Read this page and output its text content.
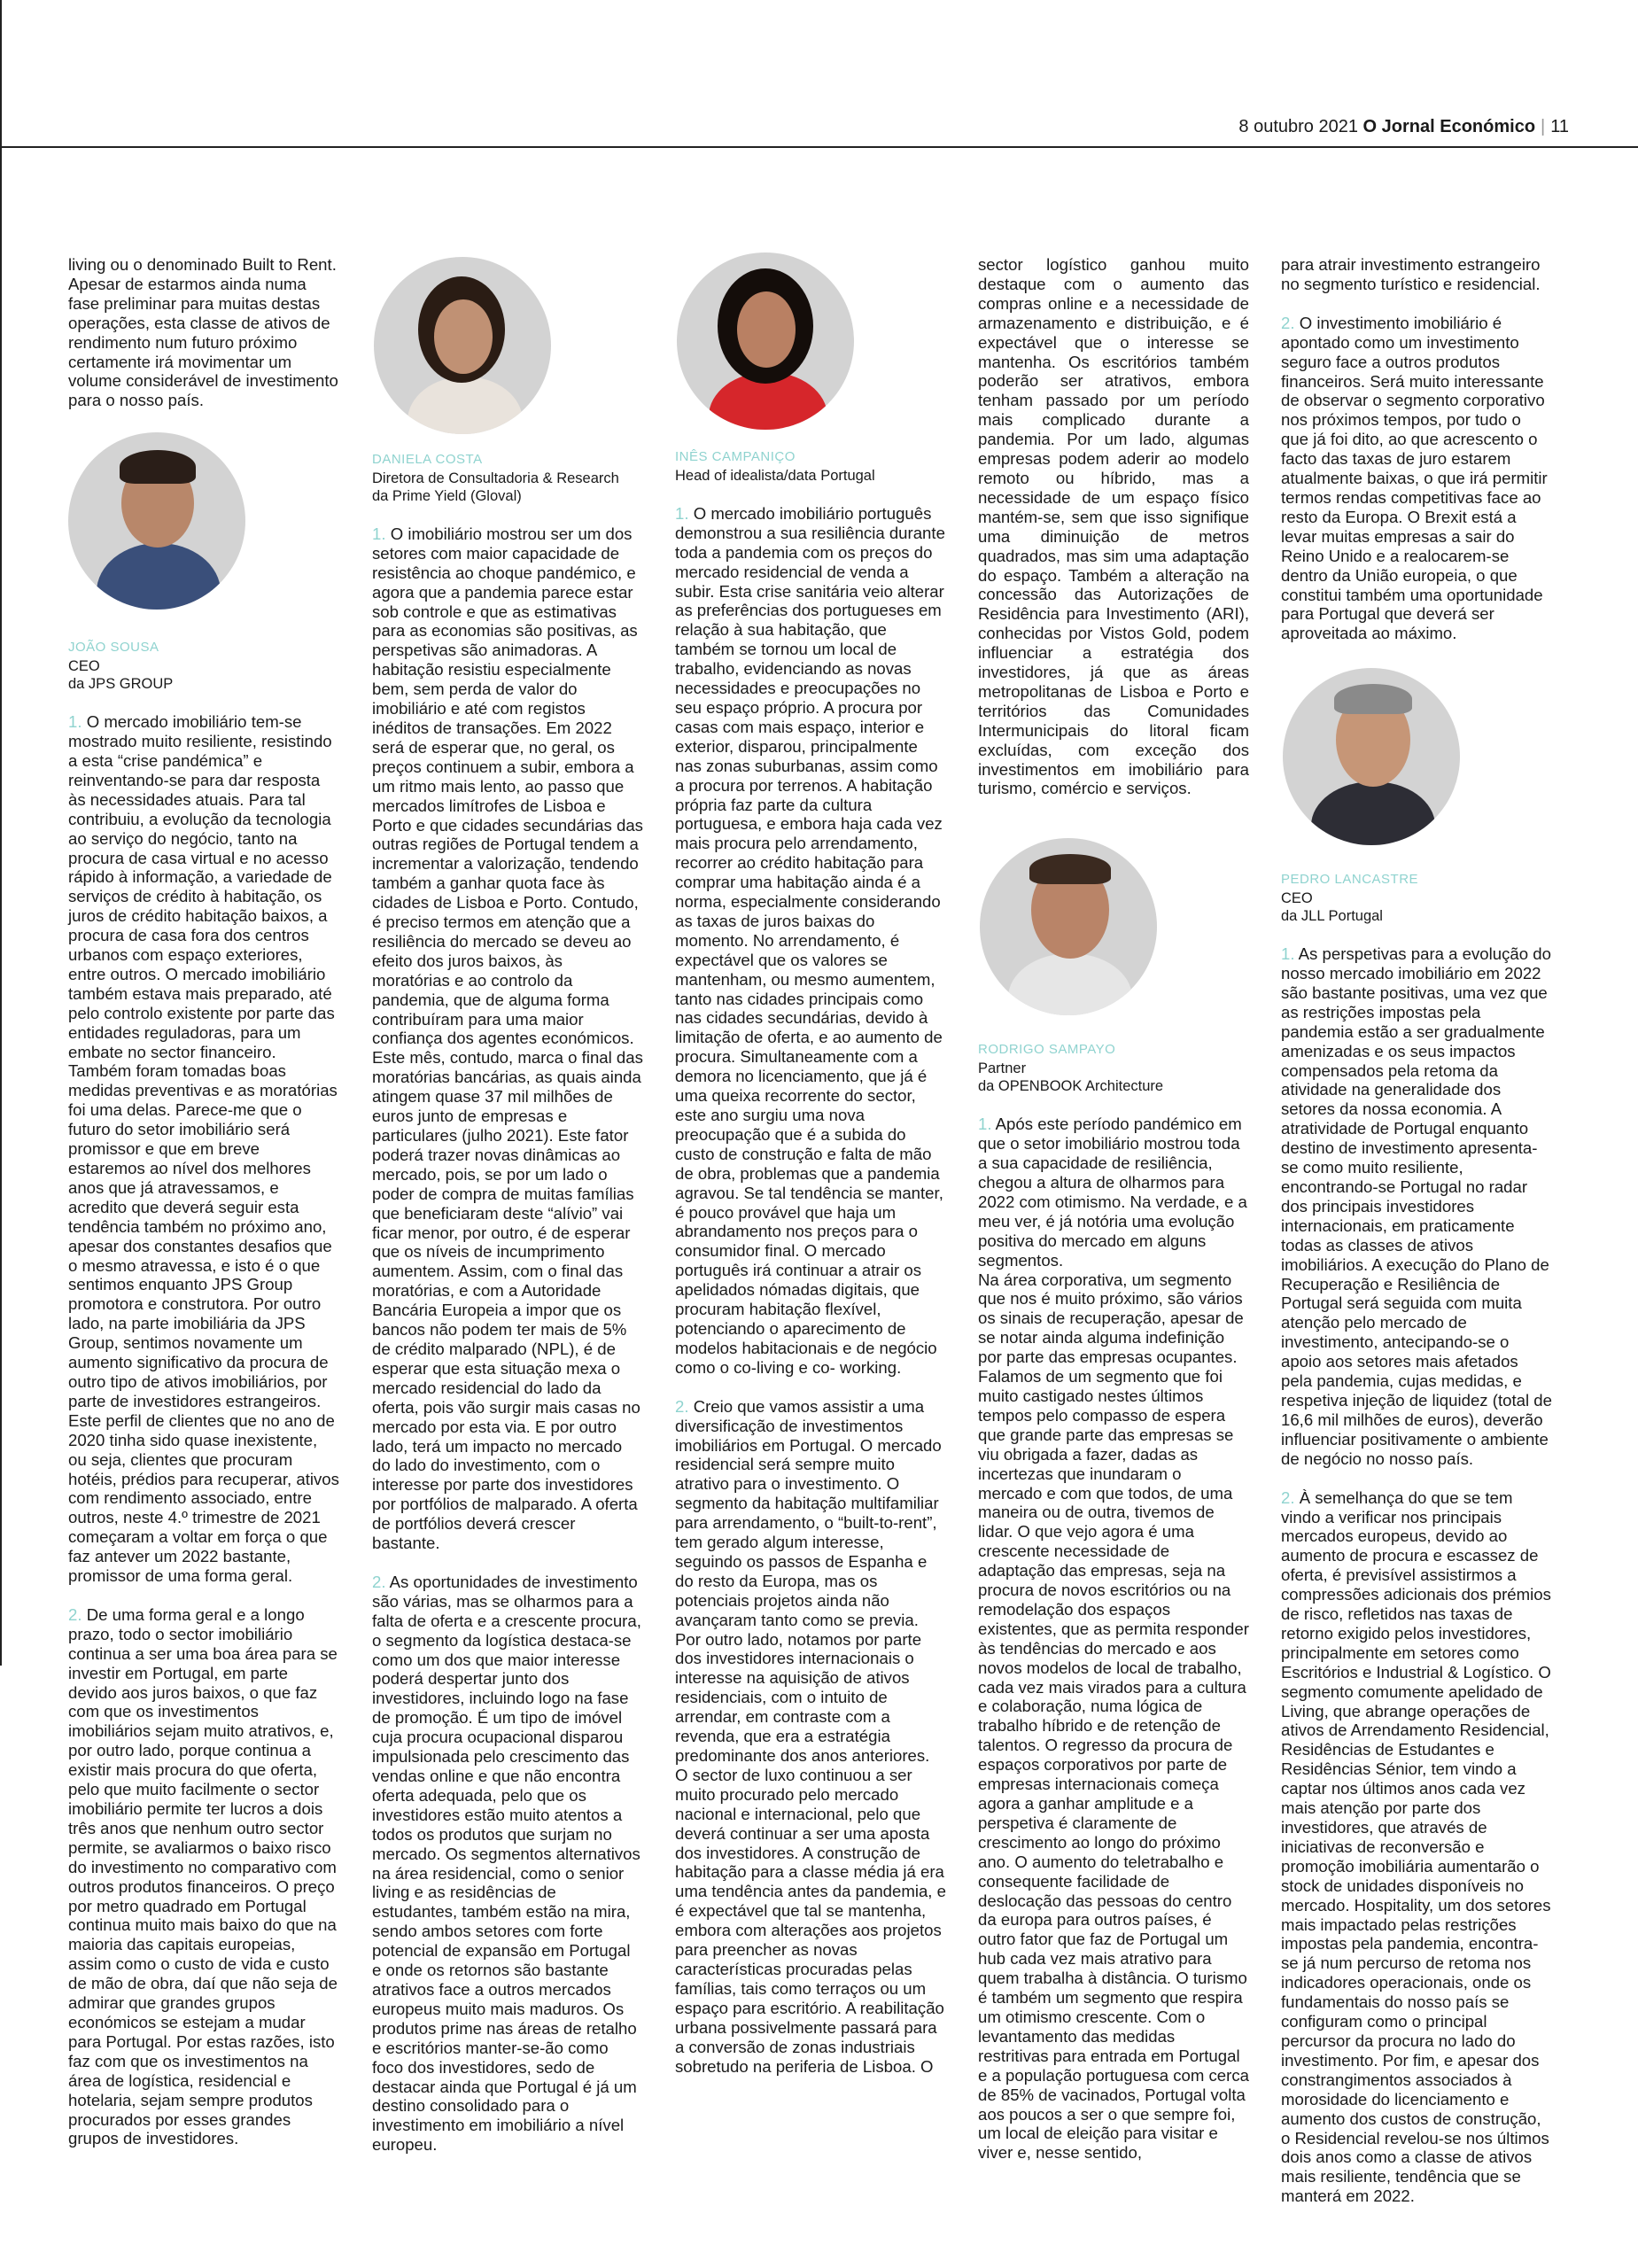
8 outubro 2021 O Jornal Económico | 11

living ou o denominado Built to Rent. Apesar de estarmos ainda numa fase preliminar para muitas destas operações, esta classe de ativos de rendimento num futuro próximo certamente irá movimentar um volume considerável de investimento para o nosso país.

JOÃO SOUSA

CEO

da JPS GROUP

1. O mercado imobiliário tem-se mostrado muito resiliente, resistindo a esta “crise pandémica” e reinventando-se para dar resposta às necessidades atuais. Para tal contribuiu, a evolução da tecnologia ao serviço do negócio, tanto na procura de casa virtual e no acesso rápido à informação, a variedade de serviços de crédito à habitação, os juros de crédito habitação baixos, a procura de casa fora dos centros urbanos com espaço exteriores, entre outros. O mercado imobiliário também estava mais preparado, até pelo controlo existente por parte das entidades reguladoras, para um embate no sector financeiro. Também foram tomadas boas medidas preventivas e as moratórias foi uma delas. Parece-me que o futuro do setor imobiliário será promissor e que em breve estaremos ao nível dos melhores anos que já atravessamos, e acredito que deverá seguir esta tendência também no próximo ano, apesar dos constantes desafios que o mesmo atravessa, e isto é o que sentimos enquanto JPS Group promotora e construtora. Por outro lado, na parte imobiliária da JPS Group, sentimos novamente um aumento significativo da procura de outro tipo de ativos imobiliários, por parte de investidores estrangeiros. Este perfil de clientes que no ano de 2020 tinha sido quase inexistente, ou seja, clientes que procuram hotéis, prédios para recuperar, ativos com rendimento associado, entre outros, neste 4.º trimestre de 2021 começaram a voltar em força o que faz antever um 2022 bastante, promissor de uma forma geral.

2. De uma forma geral e a longo prazo, todo o sector imobiliário continua a ser uma boa área para se investir em Portugal, em parte devido aos juros baixos, o que faz com que os investimentos imobiliários sejam muito atrativos, e, por outro lado, porque continua a existir mais procura do que oferta, pelo que muito facilmente o sector imobiliário permite ter lucros a dois três anos que nenhum outro sector permite, se avaliarmos o baixo risco do investimento no comparativo com outros produtos financeiros. O preço por metro quadrado em Portugal continua muito mais baixo do que na maioria das capitais europeias, assim como o custo de vida e custo de mão de obra, daí que não seja de admirar que grandes grupos económicos se estejam a mudar para Portugal. Por estas razões, isto faz com que os investimentos na área de logística, residencial e hotelaria, sejam sempre produtos procurados por esses grandes grupos de investidores.

DANIELA COSTA

Diretora de Consultadoria & Research

da Prime Yield (Gloval)

1. O imobiliário mostrou ser um dos setores com maior capacidade de resistência ao choque pandémico, e agora que a pandemia parece estar sob controle e que as estimativas para as economias são positivas, as perspetivas são animadoras. A habitação resistiu especialmente bem, sem perda de valor do imobiliário e até com registos inéditos de transações. Em 2022 será de esperar que, no geral, os preços continuem a subir, embora a um ritmo mais lento, ao passo que mercados limítrofes de Lisboa e Porto e que cidades secundárias das outras regiões de Portugal tendem a incrementar a valorização, tendendo também a ganhar quota face às cidades de Lisboa e Porto. Contudo, é preciso termos em atenção que a resiliência do mercado se deveu ao efeito dos juros baixos, às moratórias e ao controlo da pandemia, que de alguma forma contribuíram para uma maior confiança dos agentes económicos. Este mês, contudo, marca o final das moratórias bancárias, as quais ainda atingem quase 37 mil milhões de euros junto de empresas e particulares (julho 2021). Este fator poderá trazer novas dinâmicas ao mercado, pois, se por um lado o poder de compra de muitas famílias que beneficiaram deste “alívio” vai ficar menor, por outro, é de esperar que os níveis de incumprimento aumentem. Assim, com o final das moratórias, e com a Autoridade Bancária Europeia a impor que os bancos não podem ter mais de 5% de crédito malparado (NPL), é de esperar que esta situação mexa o mercado residencial do lado da oferta, pois vão surgir mais casas no mercado por esta via. E por outro lado, terá um impacto no mercado do lado do investimento, com o interesse por parte dos investidores por portfólios de malparado. A oferta de portfólios deverá crescer bastante.

2. As oportunidades de investimento são várias, mas se olharmos para a falta de oferta e a crescente procura, o segmento da logística destaca-se como um dos que maior interesse poderá despertar junto dos investidores, incluindo logo na fase de promoção. É um tipo de imóvel cuja procura ocupacional disparou impulsionada pelo crescimento das vendas online e que não encontra oferta adequada, pelo que os investidores estão muito atentos a todos os produtos que surjam no mercado. Os segmentos alternativos na área residencial, como o senior living e as residências de estudantes, também estão na mira, sendo ambos setores com forte potencial de expansão em Portugal e onde os retornos são bastante atrativos face a outros mercados europeus muito mais maduros. Os produtos prime nas áreas de retalho e escritórios manter-se-ão como foco dos investidores, sedo de destacar ainda que Portugal é já um destino consolidado para o investimento em imobiliário a nível europeu.

INÊS CAMPANIÇO

Head of idealista/data Portugal

1. O mercado imobiliário português demonstrou a sua resiliência durante toda a pandemia com os preços do mercado residencial de venda a subir. Esta crise sanitária veio alterar as preferências dos portugueses em relação à sua habitação, que também se tornou um local de trabalho, evidenciando as novas necessidades e preocupações no seu espaço próprio. A procura por casas com mais espaço, interior e exterior, disparou, principalmente nas zonas suburbanas, assim como a procura por terrenos. A habitação própria faz parte da cultura portuguesa, e embora haja cada vez mais procura pelo arrendamento, recorrer ao crédito habitação para comprar uma habitação ainda é a norma, especialmente considerando as taxas de juros baixas do momento. No arrendamento, é expectável que os valores se mantenham, ou mesmo aumentem, tanto nas cidades principais como nas cidades secundárias, devido à limitação de oferta, e ao aumento de procura. Simultaneamente com a demora no licenciamento, que já é uma queixa recorrente do sector, este ano surgiu uma nova preocupação que é a subida do custo de construção e falta de mão de obra, problemas que a pandemia agravou. Se tal tendência se manter, é pouco provável que haja um abrandamento nos preços para o consumidor final. O mercado português irá continuar a atrair os apelidados nómadas digitais, que procuram habitação flexível, potenciando o aparecimento de modelos habitacionais e de negócio como o co-living e co- working.

2. Creio que vamos assistir a uma diversificação de investimentos imobiliários em Portugal. O mercado residencial será sempre muito atrativo para o investimento. O segmento da habitação multifamiliar para arrendamento, o “built-to-rent”, tem gerado algum interesse, seguindo os passos de Espanha e do resto da Europa, mas os potenciais projetos ainda não avançaram tanto como se previa. Por outro lado, notamos por parte dos investidores internacionais o interesse na aquisição de ativos residenciais, com o intuito de arrendar, em contraste com a revenda, que era a estratégia predominante dos anos anteriores. O sector de luxo continuou a ser muito procurado pelo mercado nacional e internacional, pelo que deverá continuar a ser uma aposta dos investidores. A construção de habitação para a classe média já era uma tendência antes da pandemia, e é expectável que tal se mantenha, embora com alterações aos projetos para preencher as novas características procuradas pelas famílias, tais como terraços ou um espaço para escritório. A reabilitação urbana possivelmente passará para a conversão de zonas industriais sobretudo na periferia de Lisboa. O

sector logístico ganhou muito destaque com o aumento das compras online e a necessidade de armazenamento e distribuição, e é expectável que o interesse se mantenha. Os escritórios também poderão ser atrativos, embora tenham passado por um período mais complicado durante a pandemia. Por um lado, algumas empresas podem aderir ao modelo remoto ou híbrido, mas a necessidade de um espaço físico mantém-se, sem que isso signifique uma diminuição de metros quadrados, mas sim uma adaptação do espaço. Também a alteração na concessão das Autorizações de Residência para Investimento (ARI), conhecidas por Vistos Gold, podem influenciar a estratégia dos investidores, já que as áreas metropolitanas de Lisboa e Porto e territórios das Comunidades Intermunicipais do litoral ficam excluídas, com exceção dos investimentos em imobiliário para turismo, comércio e serviços.

RODRIGO SAMPAYO

Partner

da OPENBOOK Architecture

1. Após este período pandémico em que o setor imobiliário mostrou toda a sua capacidade de resiliência, chegou a altura de olharmos para 2022 com otimismo. Na verdade, e a meu ver, é já notória uma evolução positiva do mercado em alguns segmentos.

Na área corporativa, um segmento que nos é muito próximo, são vários os sinais de recuperação, apesar de se notar ainda alguma indefinição por parte das empresas ocupantes. Falamos de um segmento que foi muito castigado nestes últimos tempos pelo compasso de espera que grande parte das empresas se viu obrigada a fazer, dadas as incertezas que inundaram o mercado e com que todos, de uma maneira ou de outra, tivemos de lidar. O que vejo agora é uma crescente necessidade de adaptação das empresas, seja na procura de novos escritórios ou na remodelação dos espaços existentes, que as permita responder às tendências do mercado e aos novos modelos de local de trabalho, cada vez mais virados para a cultura e colaboração, numa lógica de trabalho híbrido e de retenção de talentos. O regresso da procura de espaços corporativos por parte de empresas internacionais começa agora a ganhar amplitude e a perspetiva é claramente de crescimento ao longo do próximo ano. O aumento do teletrabalho e consequente facilidade de deslocação das pessoas do centro da europa para outros países, é outro fator que faz de Portugal um hub cada vez mais atrativo para quem trabalha à distância. O turismo é também um segmento que respira um otimismo crescente. Com o levantamento das medidas restritivas para entrada em Portugal e a população portuguesa com cerca de 85% de vacinados, Portugal volta aos poucos a ser o que sempre foi, um local de eleição para visitar e viver e, nesse sentido,

para atrair investimento estrangeiro no segmento turístico e residencial.

2. O investimento imobiliário é apontado como um investimento seguro face a outros produtos financeiros. Será muito interessante de observar o segmento corporativo nos próximos tempos, por tudo o que já foi dito, ao que acrescento o facto das taxas de juro estarem atualmente baixas, o que irá permitir termos rendas competitivas face ao resto da Europa. O Brexit está a levar muitas empresas a sair do Reino Unido e a realocarem-se dentro da União europeia, o que constitui também uma oportunidade para Portugal que deverá ser aproveitada ao máximo.

PEDRO LANCASTRE

CEO

da JLL Portugal

1. As perspetivas para a evolução do nosso mercado imobiliário em 2022 são bastante positivas, uma vez que as restrições impostas pela pandemia estão a ser gradualmente amenizadas e os seus impactos compensados pela retoma da atividade na generalidade dos setores da nossa economia. A atratividade de Portugal enquanto destino de investimento apresenta-se como muito resiliente, encontrando-se Portugal no radar dos principais investidores internacionais, em praticamente todas as classes de ativos imobiliários. A execução do Plano de Recuperação e Resiliência de Portugal será seguida com muita atenção pelo mercado de investimento, antecipando-se o apoio aos setores mais afetados pela pandemia, cujas medidas, e respetiva injeção de liquidez (total de 16,6 mil milhões de euros), deverão influenciar positivamente o ambiente de negócio no nosso país.

2. À semelhança do que se tem vindo a verificar nos principais mercados europeus, devido ao aumento de procura e escassez de oferta, é previsível assistirmos a compressões adicionais dos prémios de risco, refletidos nas taxas de retorno exigido pelos investidores, principalmente em setores como Escritórios e Industrial & Logístico. O segmento comumente apelidado de Living, que abrange operações de ativos de Arrendamento Residencial, Residências de Estudantes e Residências Sénior, tem vindo a captar nos últimos anos cada vez mais atenção por parte dos investidores, que através de iniciativas de reconversão e promoção imobiliária aumentarão o stock de unidades disponíveis no mercado. Hospitality, um dos setores mais impactado pelas restrições impostas pela pandemia, encontra-se já num percurso de retoma nos indicadores operacionais, onde os fundamentais do nosso país se configuram como o principal percursor da procura no lado do investimento. Por fim, e apesar dos constrangimentos associados à morosidade do licenciamento e aumento dos custos de construção, o Residencial revelou-se nos últimos dois anos como a classe de ativos mais resiliente, tendência que se manterá em 2022.
